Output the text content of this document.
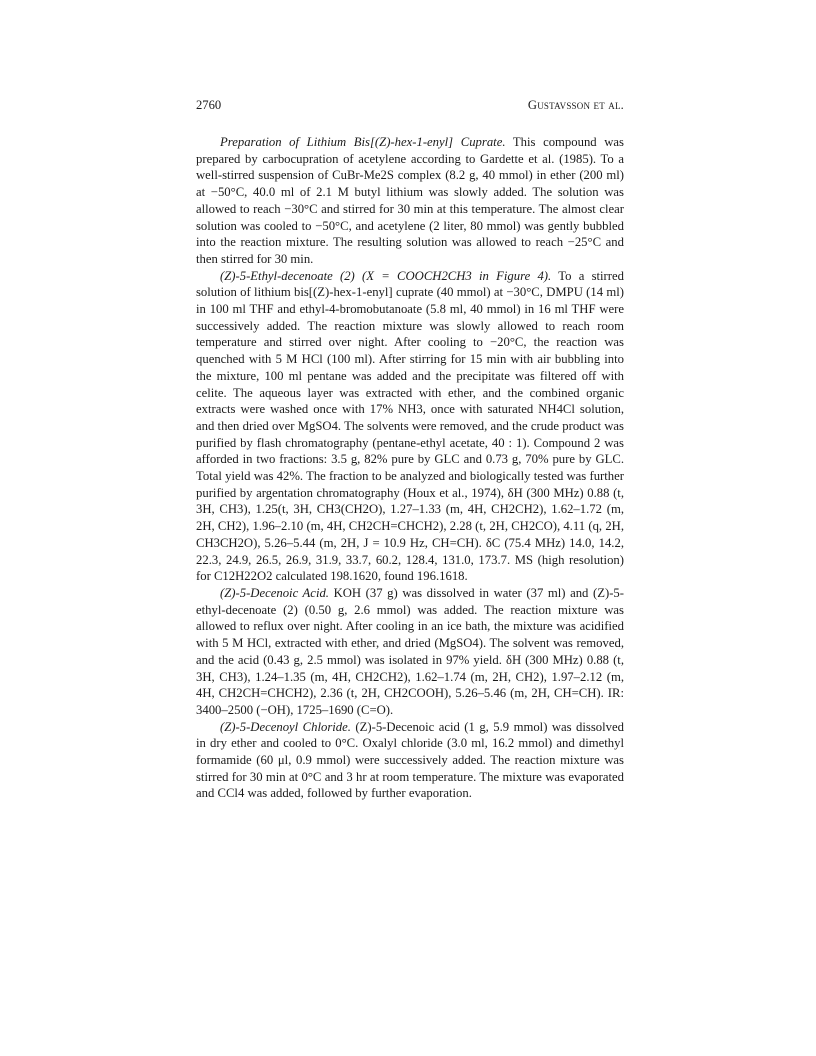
2760	Gustavsson et al.

Preparation of Lithium Bis[(Z)-hex-1-enyl] Cuprate. This compound was prepared by carbocupration of acetylene according to Gardette et al. (1985). To a well-stirred suspension of CuBr-Me2S complex (8.2 g, 40 mmol) in ether (200 ml) at −50°C, 40.0 ml of 2.1 M butyl lithium was slowly added. The solution was allowed to reach −30°C and stirred for 30 min at this temperature. The almost clear solution was cooled to −50°C, and acetylene (2 liter, 80 mmol) was gently bubbled into the reaction mixture. The resulting solution was allowed to reach −25°C and then stirred for 30 min.

(Z)-5-Ethyl-decenoate (2) (X = COOCH2CH3 in Figure 4). To a stirred solution of lithium bis[(Z)-hex-1-enyl] cuprate (40 mmol) at −30°C, DMPU (14 ml) in 100 ml THF and ethyl-4-bromobutanoate (5.8 ml, 40 mmol) in 16 ml THF were successively added. The reaction mixture was slowly allowed to reach room temperature and stirred over night. After cooling to −20°C, the reaction was quenched with 5 M HCl (100 ml). After stirring for 15 min with air bubbling into the mixture, 100 ml pentane was added and the precipitate was filtered off with celite. The aqueous layer was extracted with ether, and the combined organic extracts were washed once with 17% NH3, once with saturated NH4Cl solution, and then dried over MgSO4. The solvents were removed, and the crude product was purified by flash chromatography (pentane-ethyl acetate, 40 : 1). Compound 2 was afforded in two fractions: 3.5 g, 82% pure by GLC and 0.73 g, 70% pure by GLC. Total yield was 42%. The fraction to be analyzed and biologically tested was further purified by argentation chromatography (Houx et al., 1974), δH (300 MHz) 0.88 (t, 3H, CH3), 1.25(t, 3H, CH3(CH2O), 1.27–1.33 (m, 4H, CH2CH2), 1.62–1.72 (m, 2H, CH2), 1.96–2.10 (m, 4H, CH2CH=CHCH2), 2.28 (t, 2H, CH2CO), 4.11 (q, 2H, CH3CH2O), 5.26–5.44 (m, 2H, J = 10.9 Hz, CH=CH). δC (75.4 MHz) 14.0, 14.2, 22.3, 24.9, 26.5, 26.9, 31.9, 33.7, 60.2, 128.4, 131.0, 173.7. MS (high resolution) for C12H22O2 calculated 198.1620, found 196.1618.

(Z)-5-Decenoic Acid. KOH (37 g) was dissolved in water (37 ml) and (Z)-5-ethyl-decenoate (2) (0.50 g, 2.6 mmol) was added. The reaction mixture was allowed to reflux over night. After cooling in an ice bath, the mixture was acidified with 5 M HCl, extracted with ether, and dried (MgSO4). The solvent was removed, and the acid (0.43 g, 2.5 mmol) was isolated in 97% yield. δH (300 MHz) 0.88 (t, 3H, CH3), 1.24–1.35 (m, 4H, CH2CH2), 1.62–1.74 (m, 2H, CH2), 1.97–2.12 (m, 4H, CH2CH=CHCH2), 2.36 (t, 2H, CH2COOH), 5.26–5.46 (m, 2H, CH=CH). IR: 3400–2500 (−OH), 1725–1690 (C=O).

(Z)-5-Decenoyl Chloride. (Z)-5-Decenoic acid (1 g, 5.9 mmol) was dissolved in dry ether and cooled to 0°C. Oxalyl chloride (3.0 ml, 16.2 mmol) and dimethyl formamide (60 μl, 0.9 mmol) were successively added. The reaction mixture was stirred for 30 min at 0°C and 3 hr at room temperature. The mixture was evaporated and CCl4 was added, followed by further evaporation.
